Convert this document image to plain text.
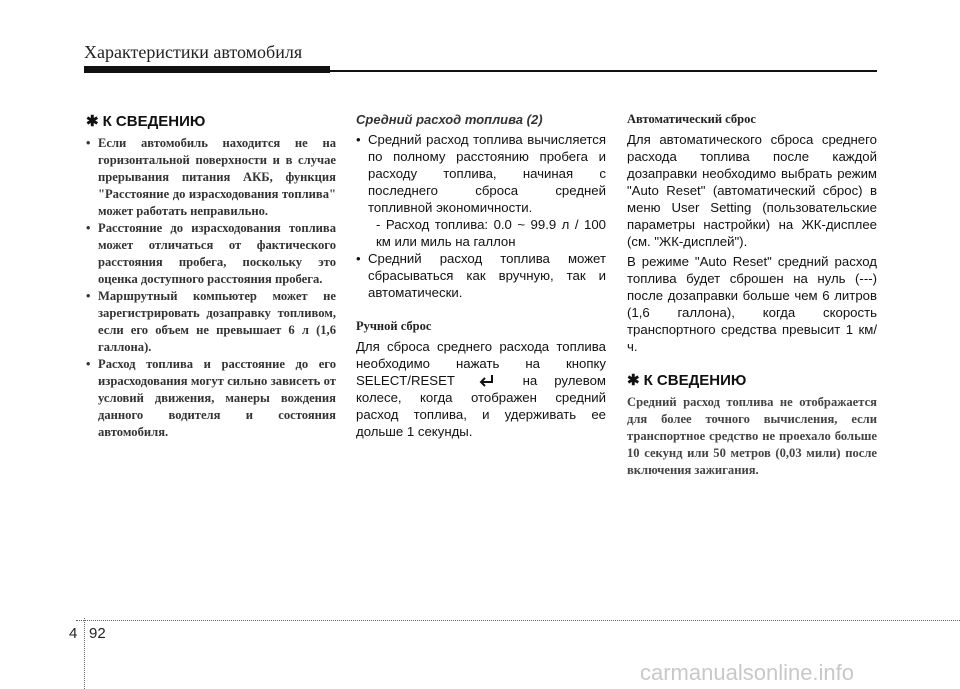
Характеристики автомобиля
✱ К СВЕДЕНИЮ
• Если автомобиль находится не на горизонтальной поверхности и в случае прерывания питания АКБ, функция "Расстояние до израсходования топлива" может работать неправильно.
• Расстояние до израсходования топлива может отличаться от фактического расстояния пробега, поскольку это оценка доступного расстояния пробега.
• Маршрутный компьютер может не зарегистрировать дозаправку топливом, если его объем не превышает 6 л (1,6 галлона).
• Расход топлива и расстояние до его израсходования могут сильно зависеть от условий движения, манеры вождения данного водителя и состояния автомобиля.
Средний расход топлива (2)
• Средний расход топлива вычисляется по полному расстоянию пробега и расходу топлива, начиная с последнего сброса средней топливной экономичности.
- Расход топлива: 0.0 ~ 99.9 л / 100 км или миль на галлон
• Средний расход топлива может сбрасываться как вручную, так и автоматически.
Ручной сброс
Для сброса среднего расхода топлива необходимо нажать на кнопку SELECT/RESET	на рулевом колесе, когда отображен средний расход топлива, и удерживать ее дольше 1 секунды.
Автоматический сброс
Для автоматического сброса среднего расхода топлива после каждой дозаправки необходимо выбрать режим "Auto Reset" (автоматический сброс) в меню User Setting (пользовательские параметры настройки) на ЖК-дисплее (см. "ЖК-дисплей").
В режиме "Auto Reset" средний расход топлива будет сброшен на нуль (---) после дозаправки больше чем 6 литров (1,6 галлона), когда скорость транспортного средства превысит 1 км/ч.
✱ К СВЕДЕНИЮ
Средний расход топлива не отображается для более точного вычисления, если транспортное средство не проехало больше 10 секунд или 50 метров (0,03 мили) после включения зажигания.
4 92
carmanualsonline.info
